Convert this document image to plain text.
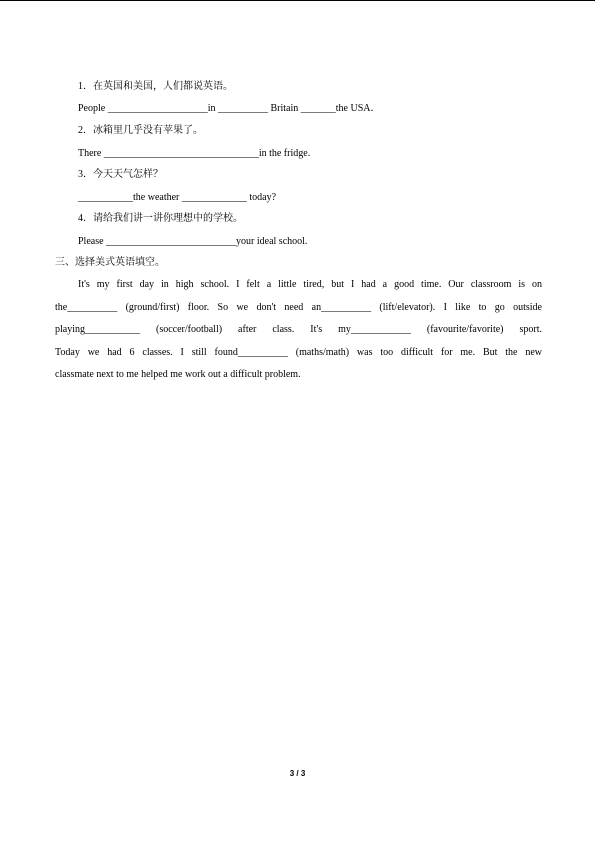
1．在英国和美国，人们都说英语。
People ____________________in __________ Britain _______the USA．
2．冰箱里几乎没有苹果了。
There _______________________________in the fridge.
3．今天天气怎样？
___________the weather _____________ today?
4．请给我们讲一讲你理想中的学校。
Please __________________________your ideal school.
三、选择美式英语填空。
It's my first day in high school. I felt a little tired, but I had a good time. Our classroom is on
the__________ (ground/first) floor. So we don't need an__________ (lift/elevator). I like to go outside
playing___________ (soccer/football) after class. It's my____________ (favourite/favorite) sport.
Today we had 6 classes. I still found__________ (maths/math) was too difficult for me. But the new
classmate next to me helped me work out a difficult problem.
3 / 3
